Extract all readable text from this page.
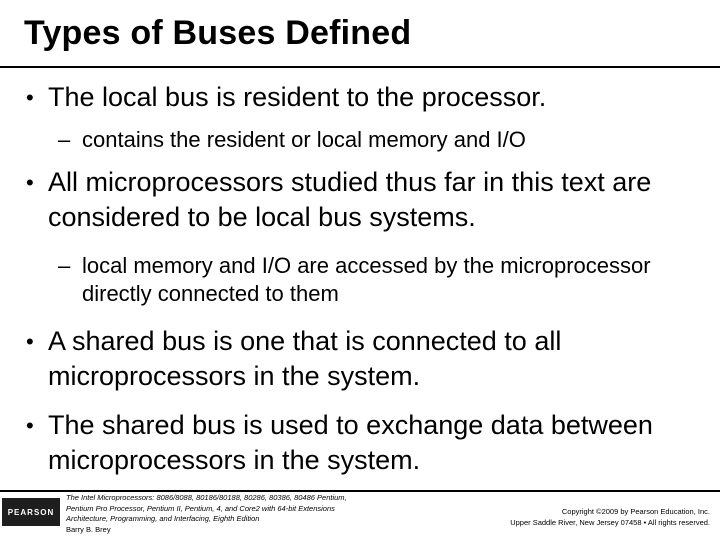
Types of Buses Defined
• The local bus is resident to the processor.
– contains the resident or local memory and I/O
• All microprocessors studied thus far in this text are considered to be local bus systems.
– local memory and I/O are accessed by the microprocessor directly connected to them
• A shared bus is one that is connected to all microprocessors in the system.
• The shared bus is used to exchange data between microprocessors in the system.
PEARSON
The Intel Microprocessors: 8086/8088, 80186/80188, 80286, 80386, 80486 Pentium,
Pentium Pro Processor, Pentium II, Pentium, 4, and Core2 with 64-bit Extensions
Architecture, Programming, and Interfacing, Eighth Edition
Barry B. Brey
Copyright ©2009 by Pearson Education, Inc.
Upper Saddle River, New Jersey 07458 • All rights reserved.
